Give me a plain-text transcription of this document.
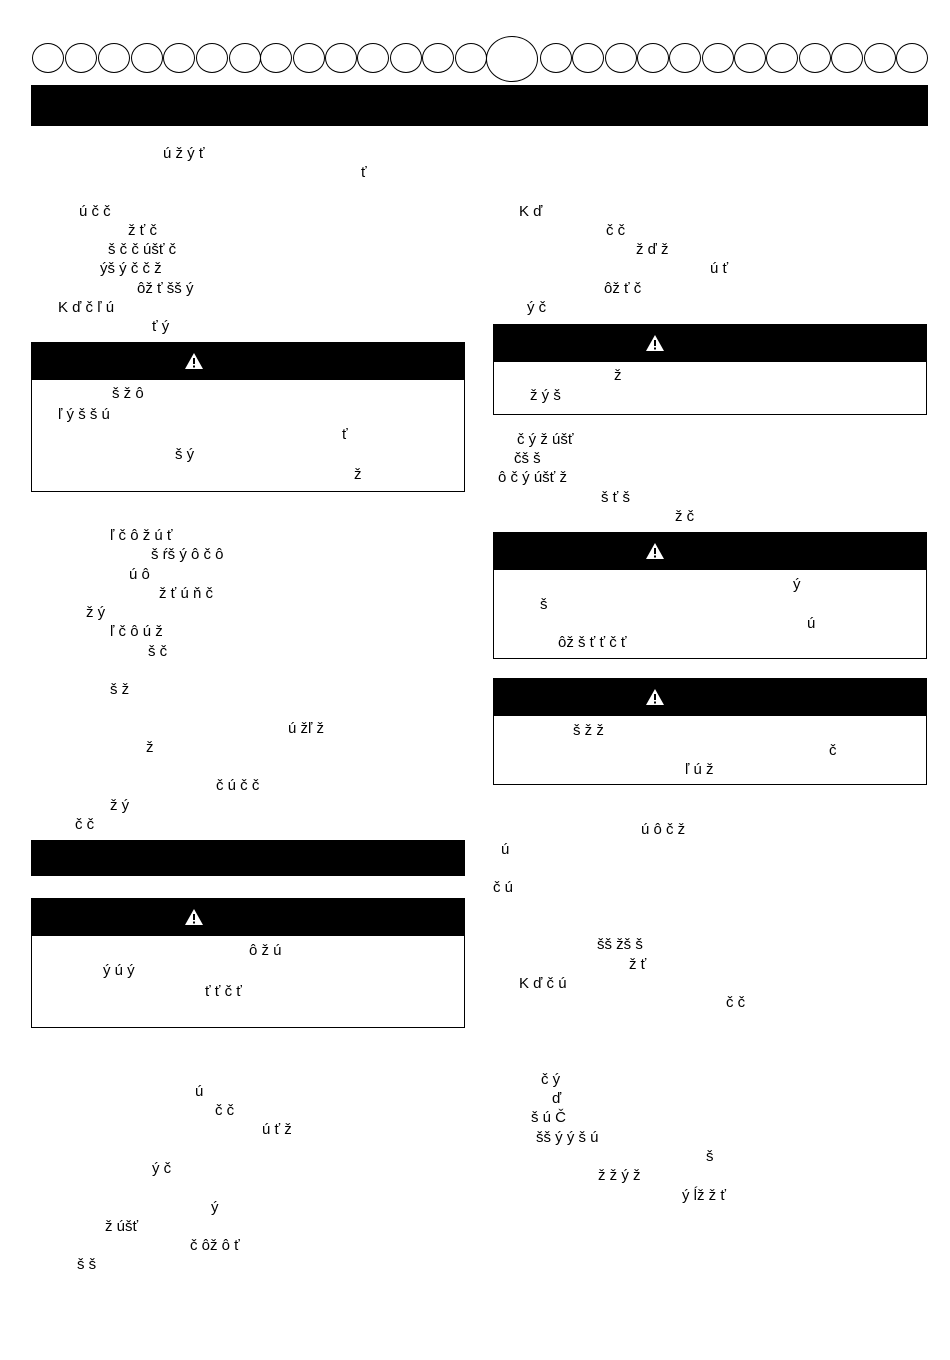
ú ž ý ť
ť
ú č č
ž ť č
š č č úšť č
ýš ý č č ž
ôž ť šš ý
K ď č ľ ú
ť ý
š ž ô
ľ ý š š ú
ť
š ý
ž
ľ č ô ž ú ť
š ŕš ý ô č ô
ú ô
ž ť ú ň č
ž ý
ľ č ô ú ž
š č
š ž
ú žľ ž
ž
č ú č č
ž ý
č č
ô ž ú
ý ú ý
ť ť č ť
ú
č č
ú ť ž
ý č
ý
ž úšť
č ôž ô ť
š š
K ď
č č
ž ď ž
ú ť
ôž ť č
ý č
ž
ž ý š
č ý ž úšť
čš š
ô č ý úšť ž
š ť š
ž č
ý
š
ú
ôž š ť ť č ť
š ž ž
č
ľ ú ž
ú ô č ž
ú
č ú
šš žš š
ž ť
K ď č ú
č č
č ý
ď
š ú Č
šš ý ý š ú
š
ž ž ý ž
ý ĺž ž ť
